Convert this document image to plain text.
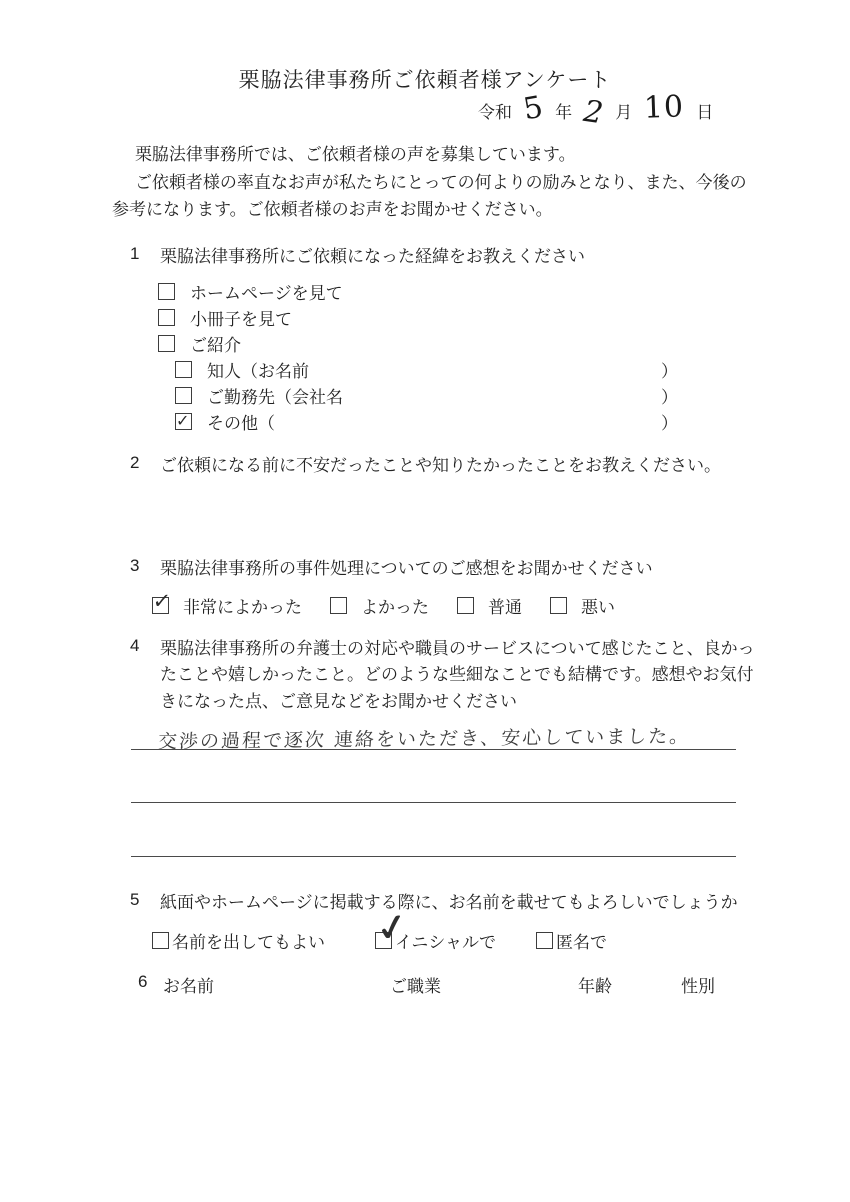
栗脇法律事務所ご依頼者様アンケート
令和 5 年 2 月 10 日

栗脇法律事務所では、ご依頼者様の声を募集しています。

ご依頼者様の率直なお声が私たちにとっての何よりの励みとなり、また、今後の参考になります。ご依頼者様のお声をお聞かせください。

1	栗脇法律事務所にご依頼になった経緯をお教えください
ホームページを見て
小冊子を見て
ご紹介
知人（お名前	）
ご勤務先（会社名	）
✓
その他（	）
2	ご依頼になる前に不安だったことや知りたかったことをお教えください。
3	栗脇法律事務所の事件処理についてのご感想をお聞かせください
✓
非常によかった	よかった	普通	悪い
4	栗脇法律事務所の弁護士の対応や職員のサービスについて感じたこと、良かったことや嬉しかったこと。どのような些細なことでも結構です。感想やお気付きになった点、ご意見などをお聞かせください
交渉の過程で逐次 連絡をいただき、安心していました。
5	紙面やホームページに掲載する際に、お名前を載せてもよろしいでしょうか
名前を出してもよい ✓	イニシャルで	匿名で
6 お名前	ご職業	年齢	性別
